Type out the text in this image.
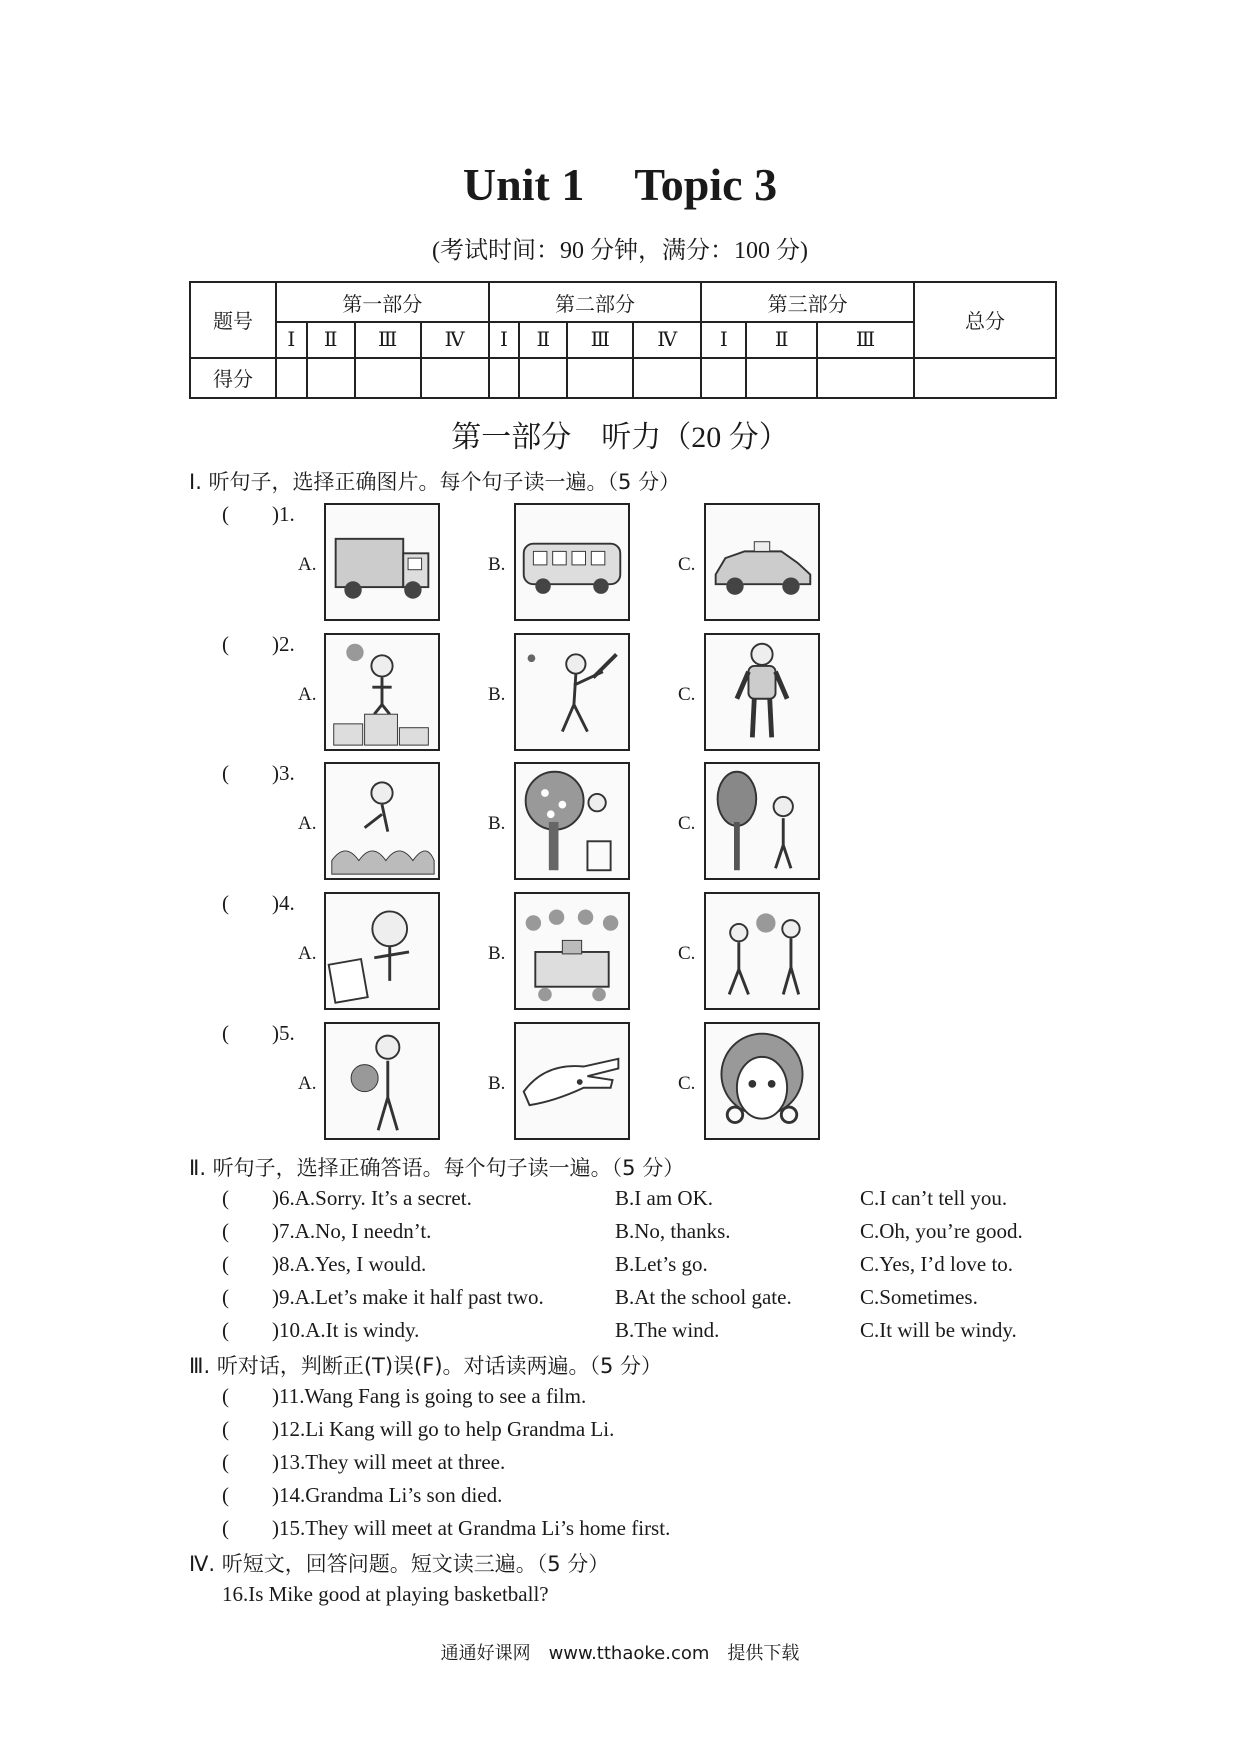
Unit 1 Topic 3
(考试时间：90 分钟，满分：100 分)
题号	第一部分				第二部分				第三部分			总分
	Ⅰ	Ⅱ	Ⅲ	Ⅳ	Ⅰ	Ⅱ	Ⅲ	Ⅳ	Ⅰ	Ⅱ	Ⅲ	
得分												
第一部分　听力（20 分）
Ⅰ. 听句子，选择正确图片。每个句子读一遍。（5 分）
( )1.
A.	B.	C.
( )2.
A.	B.	C.
( )3.
A.	B.	C.
( )4.
A.	B.	C.
( )5.
A.	B.	C.
Ⅱ. 听句子，选择正确答语。每个句子读一遍。（5 分）
( )6.A.Sorry. It’s a secret.	B.I am OK.	C.I can’t tell you.
( )7.A.No, I needn’t.	B.No, thanks.	C.Oh, you’re good.
( )8.A.Yes, I would.	B.Let’s go.	C.Yes, I’d love to.
( )9.A.Let’s make it half past two.	B.At the school gate.	C.Sometimes.
( )10.A.It is windy.	B.The wind.	C.It will be windy.
Ⅲ. 听对话，判断正(T)误(F)。对话读两遍。（5 分）
( )11.Wang Fang is going to see a film.
( )12.Li Kang will go to help Grandma Li.
( )13.They will meet at three.
( )14.Grandma Li’s son died.
( )15.They will meet at Grandma Li’s home first.
Ⅳ. 听短文，回答问题。短文读三遍。（5 分）
16.Is Mike good at playing basketball?
通通好课网　www.tthaoke.com　提供下载
